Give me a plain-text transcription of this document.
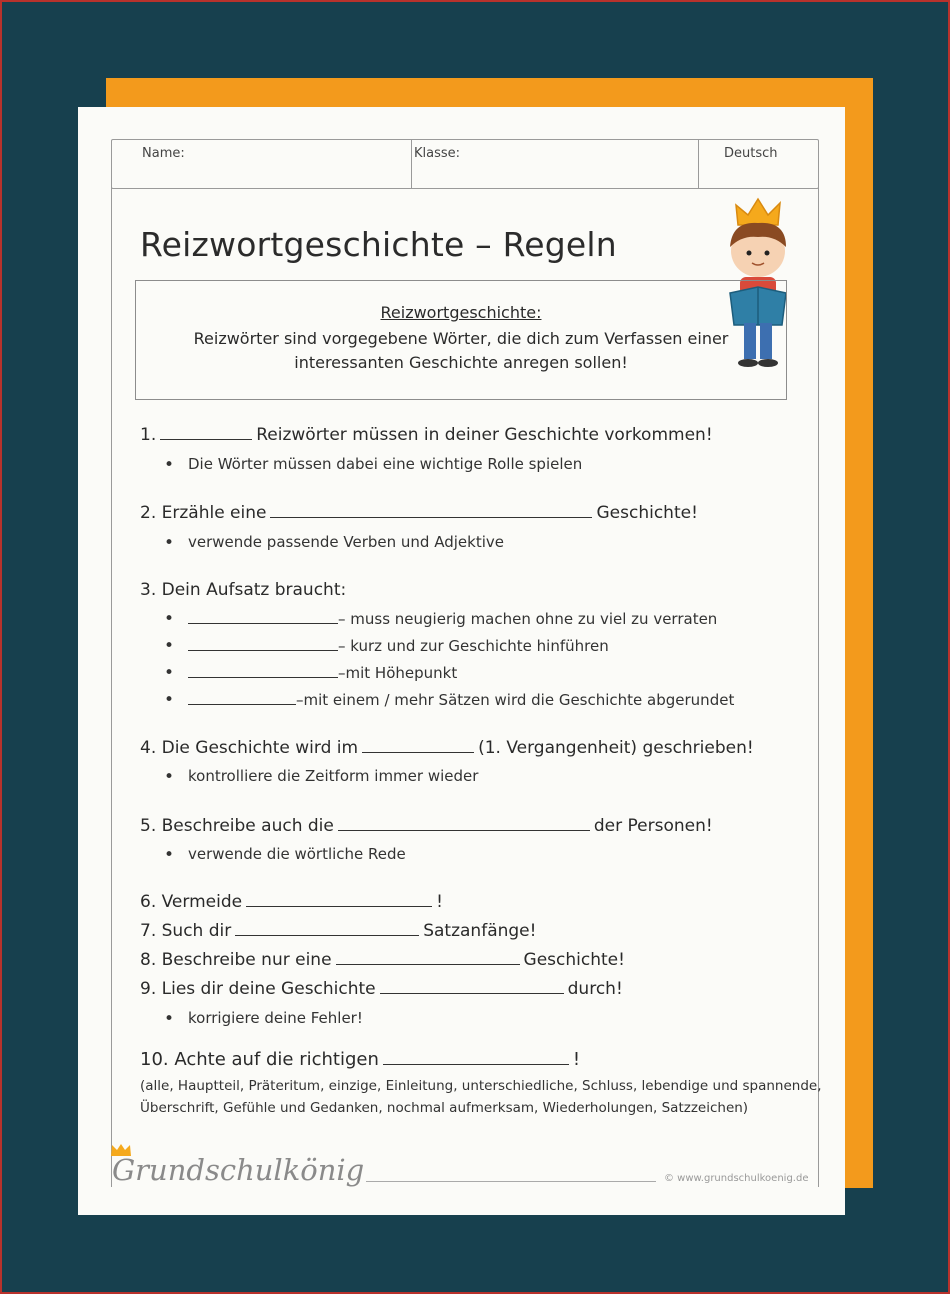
Name:	Klasse:	Deutsch
Reizwortgeschichte – Regeln
Reizwortgeschichte:
Reizwörter sind vorgegebene Wörter, die dich zum Verfassen einer
interessanten Geschichte anregen sollen!
1.	Reizwörter müssen in deiner Geschichte vorkommen!
• Die Wörter müssen dabei eine wichtige Rolle spielen
2. Erzähle eine	Geschichte!
• verwende passende Verben und Adjektive
3. Dein Aufsatz braucht:
• – muss neugierig machen ohne zu viel zu verraten
• – kurz und zur Geschichte hinführen
• –mit Höhepunkt
• –mit einem / mehr Sätzen wird die Geschichte abgerundet
4. Die Geschichte wird im	(1. Vergangenheit) geschrieben!
• kontrolliere die Zeitform immer wieder
5. Beschreibe auch die	der Personen!
• verwende die wörtliche Rede
6. Vermeide	!
7. Such dir	Satzanfänge!
8. Beschreibe nur eine	Geschichte!
9. Lies dir deine Geschichte	durch!
• korrigiere deine Fehler!
10. Achte auf die richtigen	!
(alle, Hauptteil, Präteritum, einzige, Einleitung, unterschiedliche, Schluss, lebendige und spannende,
Überschrift, Gefühle und Gedanken, nochmal aufmerksam, Wiederholungen, Satzzeichen)
Grundschulkönig	© www.grundschulkoenig.de
